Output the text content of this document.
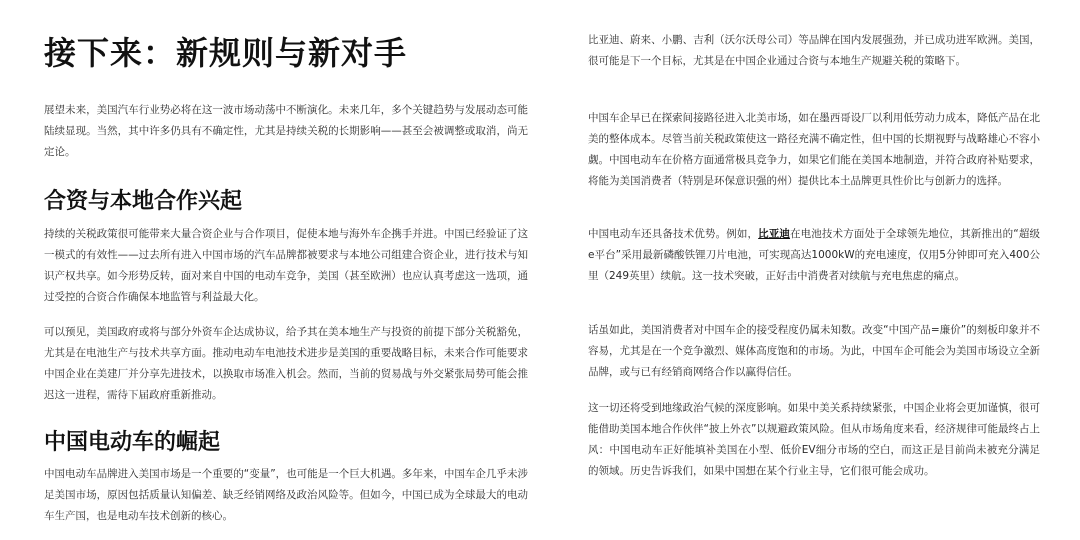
接下来：新规则与新对手

展望未来，美国汽车行业势必将在这一波市场动荡中不断演化。未来几年，多个关键趋势与发展动态可能陆续显现。当然，其中许多仍具有不确定性，尤其是持续关税的长期影响——甚至会被调整或取消，尚无定论。

合资与本地合作兴起

持续的关税政策很可能带来大量合资企业与合作项目，促使本地与海外车企携手并进。中国已经验证了这一模式的有效性——过去所有进入中国市场的汽车品牌都被要求与本地公司组建合资企业，进行技术与知识产权共享。如今形势反转，面对来自中国的电动车竞争，美国（甚至欧洲）也应认真考虑这一选项，通过受控的合资合作确保本地监管与利益最大化。

可以预见，美国政府或将与部分外资车企达成协议，给予其在美本地生产与投资的前提下部分关税豁免，尤其是在电池生产与技术共享方面。推动电动车电池技术进步是美国的重要战略目标，未来合作可能要求中国企业在美建厂并分享先进技术，以换取市场准入机会。然而，当前的贸易战与外交紧张局势可能会推迟这一进程，需待下届政府重新推动。

中国电动车的崛起

中国电动车品牌进入美国市场是一个重要的“变量”，也可能是一个巨大机遇。多年来，中国车企几乎未涉足美国市场，原因包括质量认知偏差、缺乏经销网络及政治风险等。但如今，中国已成为全球最大的电动车生产国，也是电动车技术创新的核心。

比亚迪、蔚来、小鹏、吉利（沃尔沃母公司）等品牌在国内发展强劲，并已成功进军欧洲。美国，很可能是下一个目标，尤其是在中国企业通过合资与本地生产规避关税的策略下。

中国车企早已在探索间接路径进入北美市场，如在墨西哥设厂以利用低劳动力成本，降低产品在北美的整体成本。尽管当前关税政策使这一路径充满不确定性，但中国的长期视野与战略雄心不容小觑。中国电动车在价格方面通常极具竞争力，如果它们能在美国本地制造，并符合政府补贴要求，将能为美国消费者（特别是环保意识强的州）提供比本土品牌更具性价比与创新力的选择。

中国电动车还具备技术优势。例如，比亚迪在电池技术方面处于全球领先地位，其新推出的“超级e平台”采用最新磷酸铁锂刀片电池，可实现高达1000kW的充电速度，仅用5分钟即可充入400公里（249英里）续航。这一技术突破，正好击中消费者对续航与充电焦虑的痛点。

话虽如此，美国消费者对中国车企的接受程度仍属未知数。改变“中国产品=廉价”的刻板印象并不容易，尤其是在一个竞争激烈、媒体高度饱和的市场。为此，中国车企可能会为美国市场设立全新品牌，或与已有经销商网络合作以赢得信任。

这一切还将受到地缘政治气候的深度影响。如果中美关系持续紧张，中国企业将会更加谨慎，很可能借助美国本地合作伙伴“披上外衣”以规避政策风险。但从市场角度来看，经济规律可能最终占上风：中国电动车正好能填补美国在小型、低价EV细分市场的空白，而这正是目前尚未被充分满足的领域。历史告诉我们，如果中国想在某个行业主导，它们很可能会成功。
